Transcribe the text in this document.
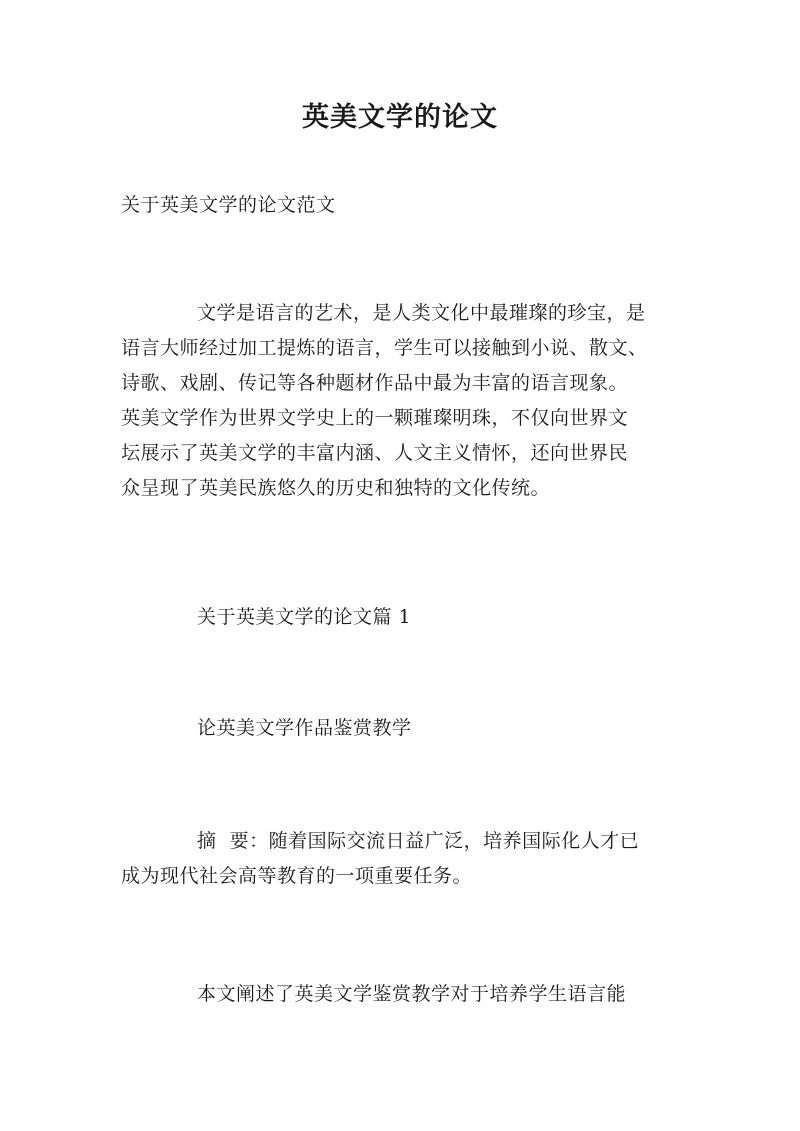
英美文学的论文

关于英美文学的论文范文

文学是语言的艺术，是人类文化中最璀璨的珍宝，是
语言大师经过加工提炼的语言，学生可以接触到小说、散文、
诗歌、戏剧、传记等各种题材作品中最为丰富的语言现象。
英美文学作为世界文学史上的一颗璀璨明珠，不仅向世界文
坛展示了英美文学的丰富内涵、人文主义情怀，还向世界民
众呈现了英美民族悠久的历史和独特的文化传统。

关于英美文学的论文篇 1

论英美文学作品鉴赏教学

摘  要：随着国际交流日益广泛，培养国际化人才已
成为现代社会高等教育的一项重要任务。

本文阐述了英美文学鉴赏教学对于培养学生语言能
